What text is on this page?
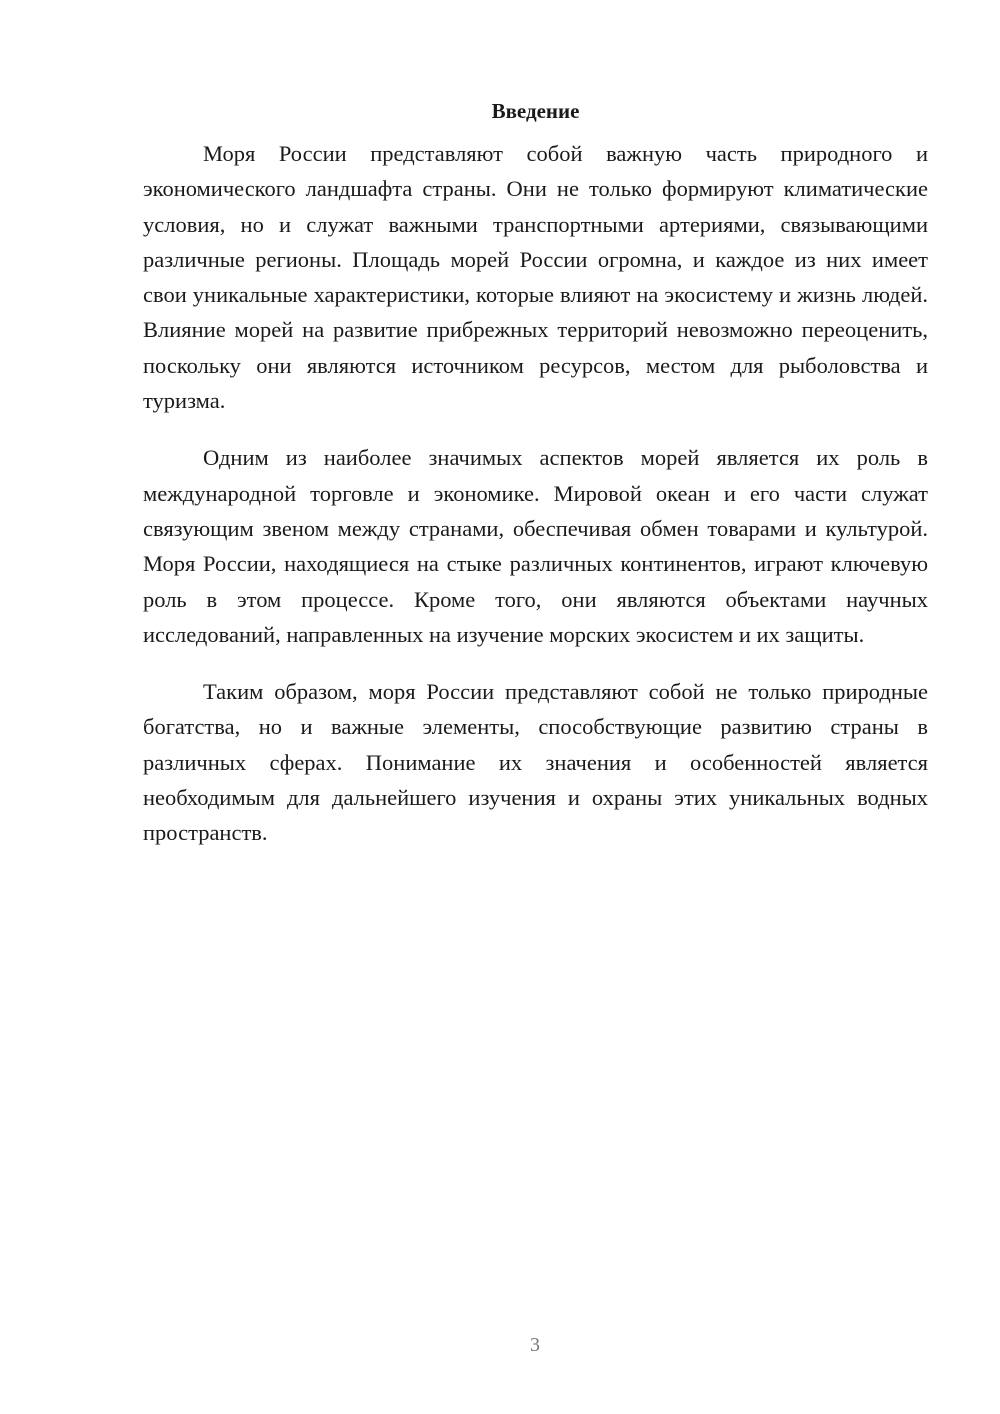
Введение

Моря России представляют собой важную часть природного и экономического ландшафта страны. Они не только формируют климатические условия, но и служат важными транспортными артериями, связывающими различные регионы. Площадь морей России огромна, и каждое из них имеет свои уникальные характеристики, которые влияют на экосистему и жизнь людей. Влияние морей на развитие прибрежных территорий невозможно переоценить, поскольку они являются источником ресурсов, местом для рыболовства и туризма.

Одним из наиболее значимых аспектов морей является их роль в международной торговле и экономике. Мировой океан и его части служат связующим звеном между странами, обеспечивая обмен товарами и культурой. Моря России, находящиеся на стыке различных континентов, играют ключевую роль в этом процессе. Кроме того, они являются объектами научных исследований, направленных на изучение морских экосистем и их защиты.

Таким образом, моря России представляют собой не только природные богатства, но и важные элементы, способствующие развитию страны в различных сферах. Понимание их значения и особенностей является необходимым для дальнейшего изучения и охраны этих уникальных водных пространств.

3
